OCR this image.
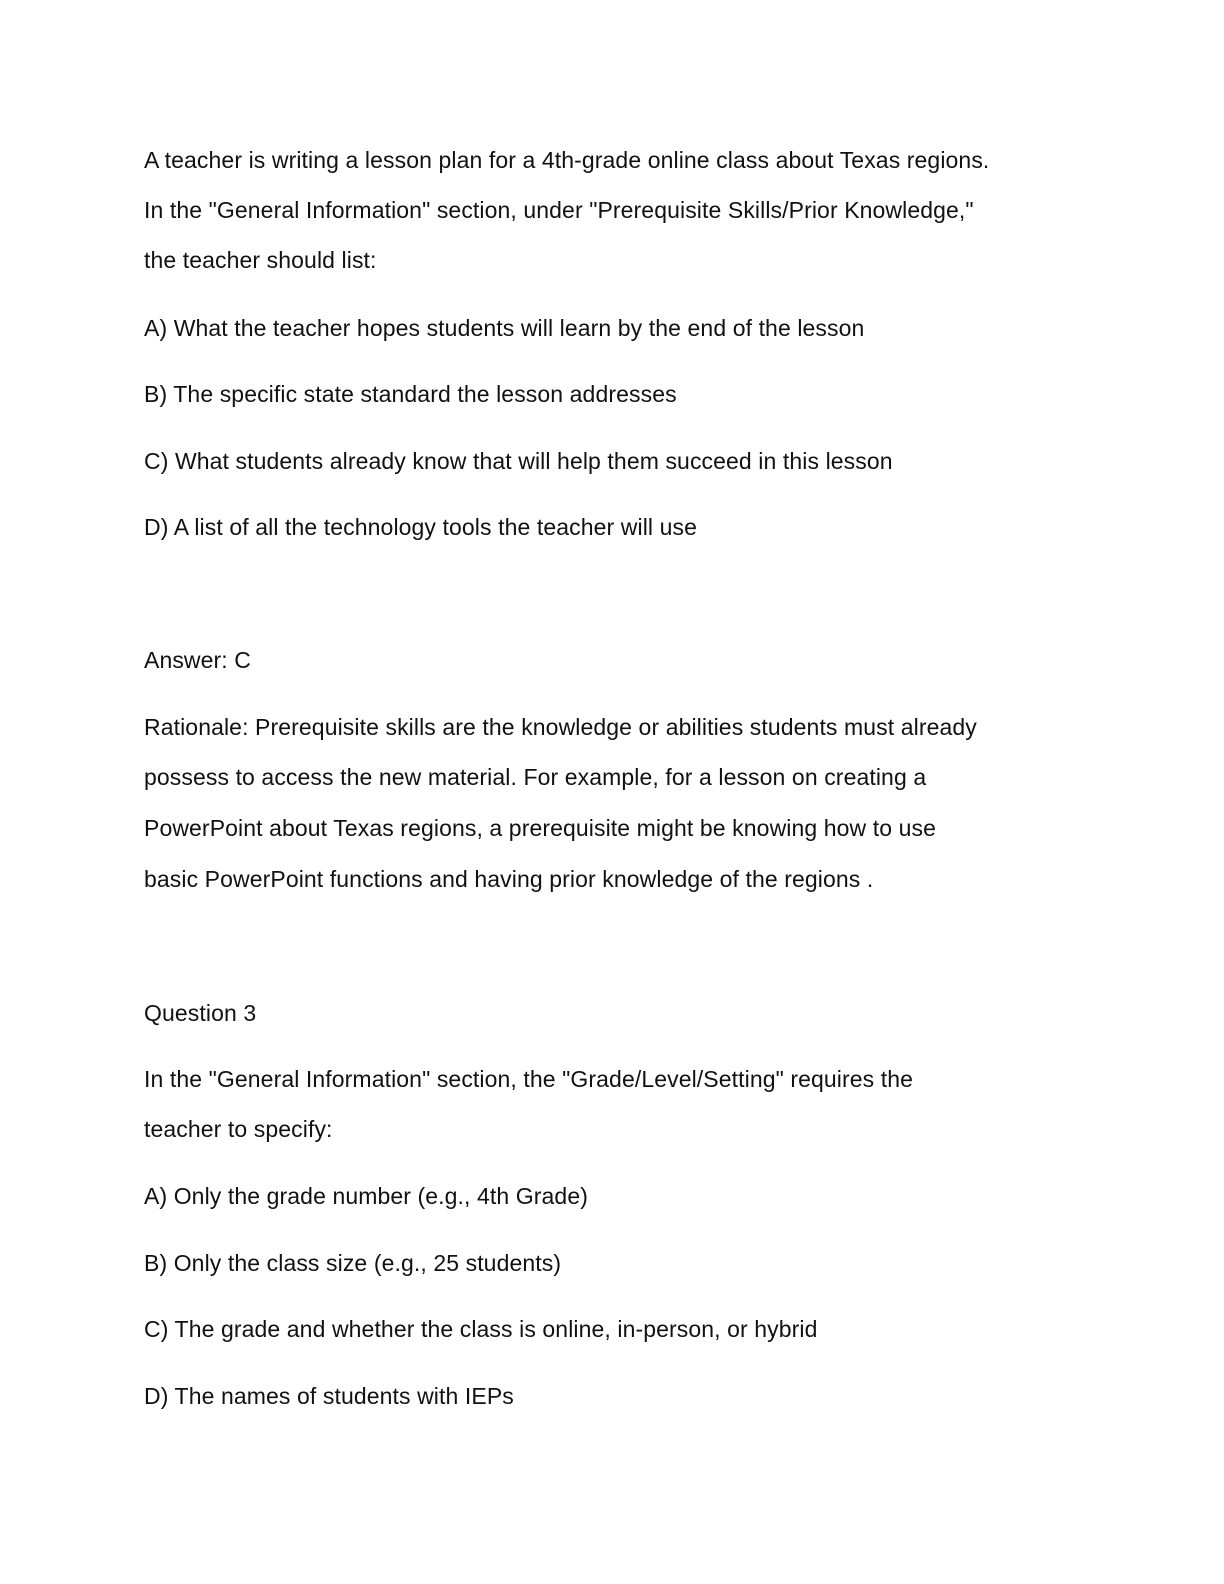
A teacher is writing a lesson plan for a 4th-grade online class about Texas regions.

In the "General Information" section, under "Prerequisite Skills/Prior Knowledge,"

the teacher should list:

A) What the teacher hopes students will learn by the end of the lesson

B) The specific state standard the lesson addresses

C) What students already know that will help them succeed in this lesson

D) A list of all the technology tools the teacher will use

Answer: C

Rationale: Prerequisite skills are the knowledge or abilities students must already

possess to access the new material. For example, for a lesson on creating a

PowerPoint about Texas regions, a prerequisite might be knowing how to use

basic PowerPoint functions and having prior knowledge of the regions .

Question 3

In the "General Information" section, the "Grade/Level/Setting" requires the

teacher to specify:

A) Only the grade number (e.g., 4th Grade)

B) Only the class size (e.g., 25 students)

C) The grade and whether the class is online, in-person, or hybrid

D) The names of students with IEPs
